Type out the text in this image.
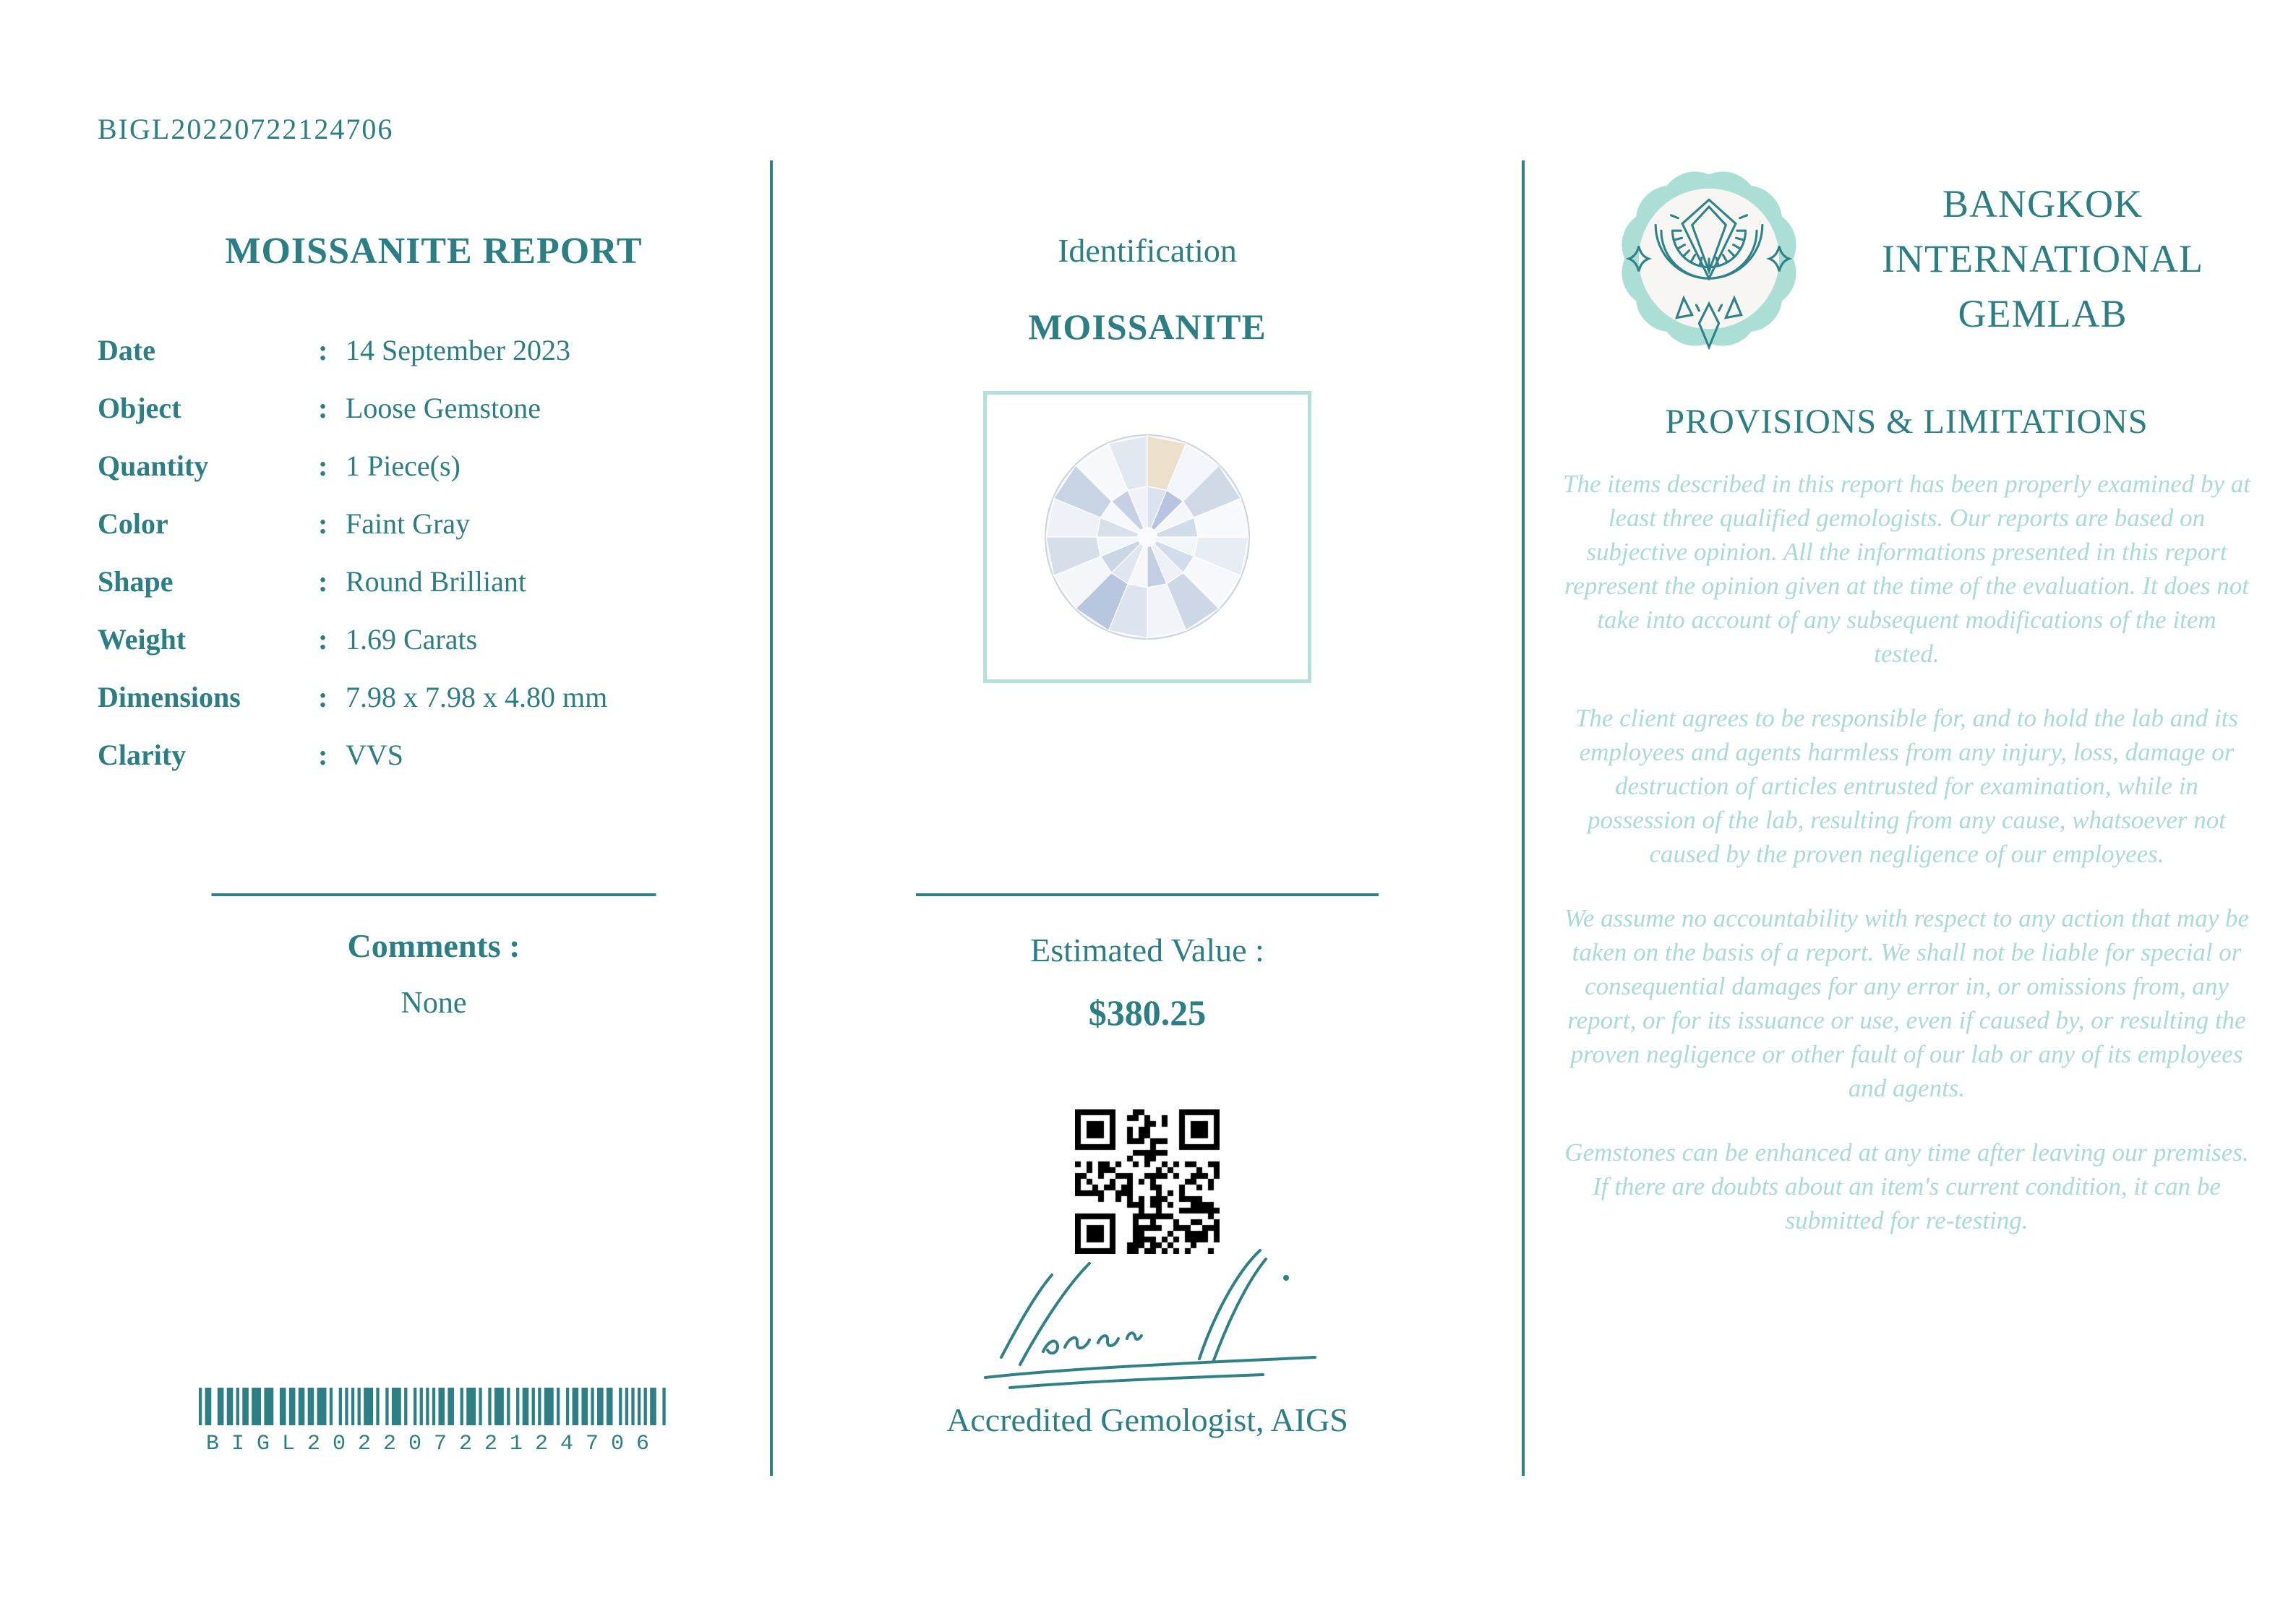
BIGL20220722124706
MOISSANITE REPORT
Date	: 14 September 2023
Object	: Loose Gemstone
Quantity	: 1 Piece(s)
Color	: Faint Gray
Shape	: Round Brilliant
Weight	: 1.69 Carats
Dimensions	: 7.98 x 7.98 x 4.80 mm
Clarity	: VVS
Comments :
None
BIGL20220722124706
Identification
MOISSANITE
Estimated Value :
$380.25
Accredited Gemologist, AIGS
BANGKOK
INTERNATIONAL
GEMLAB
PROVISIONS & LIMITATIONS

The items described in this report has been properly examined by at least three qualified gemologists. Our reports are based on subjective opinion. All the informations presented in this report represent the opinion given at the time of the evaluation. It does not take into account of any subsequent modifications of the item tested.

The client agrees to be responsible for, and to hold the lab and its employees and agents harmless from any injury, loss, damage or destruction of articles entrusted for examination, while in possession of the lab, resulting from any cause, whatsoever not caused by the proven negligence of our employees.

We assume no accountability with respect to any action that may be taken on the basis of a report. We shall not be liable for special or consequential damages for any error in, or omissions from, any report, or for its issuance or use, even if caused by, or resulting the proven negligence or other fault of our lab or any of its employees and agents.

Gemstones can be enhanced at any time after leaving our premises. If there are doubts about an item's current condition, it can be submitted for re-testing.
